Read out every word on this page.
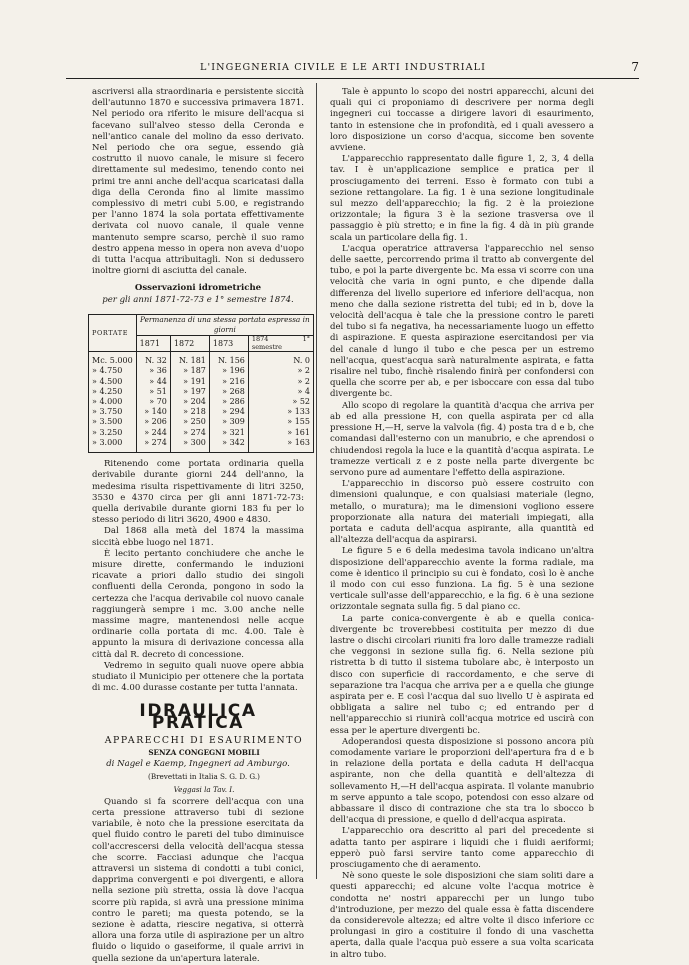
L'INGEGNERIA CIVILE E LE ARTI INDUSTRIALI	7

ascriversi alla straordinaria e persistente siccità dell'autunno 1870 e successiva primavera 1871. Nel periodo ora riferito le misure dell'acqua si facevano sull'alveo stesso della Ceronda e nell'antico canale del molino da esso derivato. Nel periodo che ora segue, essendo già costrutto il nuovo canale, le misure si fecero direttamente sul medesimo, tenendo conto nei primi tre anni anche dell'acqua scaricatasi dalla diga della Ceronda fino al limite massimo complessivo di metri cubi 5.00, e registrando per l'anno 1874 la sola portata effettivamente derivata col nuovo canale, il quale venne mantenuto sempre scarso, perchè il suo ramo destro appena messo in opera non aveva d'uopo di tutta l'acqua attribuitagli. Non si dedussero inoltre giorni di asciutta del canale.

Osservazioni idrometriche

per gli anni 1871-72-73 e 1° semestre 1874.

PORTATE	Permanenza di una stessa portata espressa in giorni			
	1871	1872	1873	1874 1° semestre
Mc. 5.000	N. 32	N. 181	N. 156	N. 0
» 4.750	» 36	» 187	» 196	» 2
» 4.500	» 44	» 191	» 216	» 2
» 4.250	» 51	» 197	» 268	» 4
» 4.000	» 70	» 204	» 286	» 52
» 3.750	» 140	» 218	» 294	» 133
» 3.500	» 206	» 250	» 309	» 155
» 3.250	» 244	» 274	» 321	» 161
» 3.000	» 274	» 300	» 342	» 163

Ritenendo come portata ordinaria quella derivabile durante giorni 244 dell'anno, la medesima risulta rispettivamente di litri 3250, 3530 e 4370 circa per gli anni 1871-72-73: quella derivabile durante giorni 183 fu per lo stesso periodo di litri 3620, 4900 e 4830.

Dal 1868 alla metà del 1874 la massima siccità ebbe luogo nel 1871.

È lecito pertanto conchiudere che anche le misure dirette, confermando le induzioni ricavate a priori dallo studio dei singoli confluenti della Ceronda, pongono in sodo la certezza che l'acqua derivabile col nuovo canale raggiungerà sempre i mc. 3.00 anche nelle massime magre, mantenendosi nelle acque ordinarie colla portata di mc. 4.00. Tale è appunto la misura di derivazione concessa alla città dal R. decreto di concessione.

Vedremo in seguito quali nuove opere abbia studiato il Municipio per ottenere che la portata di mc. 4.00 durasse costante per tutta l'annata.

IDRAULICA PRATICA

APPARECCHI DI ESAURIMENTO

SENZA CONGEGNI MOBILI

di Nagel e Kaemp, Ingegneri ad Amburgo.

(Brevettati in Italia S. G. D. G.)

Veggasi la Tav. I.

Quando si fa scorrere dell'acqua con una certa pressione attraverso tubi di sezione variabile, è noto che la pressione esercitata da quel fluido contro le pareti del tubo diminuisce coll'accrescersi della velocità dell'acqua stessa che scorre. Facciasi adunque che l'acqua attraversi un sistema di condotti a tubi conici, dapprima convergenti e poi divergenti, e allora nella sezione più stretta, ossia là dove l'acqua scorre più rapida, si avrà una pressione minima contro le pareti; ma questa potendo, se la sezione è adatta, riescire negativa, si otterrà allora una forza utile di aspirazione per un altro fluido o liquido o gaseiforme, il quale arrivi in quella sezione da un'apertura laterale.

Tale è appunto lo scopo dei nostri apparecchi, alcuni dei quali qui ci proponiamo di descrivere per norma degli ingegneri cui toccasse a dirigere lavori di esaurimento, tanto in estensione che in profondità, ed i quali avessero a loro disposizione un corso d'acqua, siccome ben sovente avviene.

L'apparecchio rappresentato dalle figure 1, 2, 3, 4 della tav. I è un'applicazione semplice e pratica per il prosciugamento dei terreni. Esso è formato con tubi a sezione rettangolare. La fig. 1 è una sezione longitudinale sul mezzo dell'apparecchio; la fig. 2 è la proiezione orizzontale; la figura 3 è la sezione trasversa ove il passaggio è più stretto; e in fine la fig. 4 dà in più grande scala un particolare della fig. 1.

L'acqua operatrice attraversa l'apparecchio nel senso delle saette, percorrendo prima il tratto ab convergente del tubo, e poi la parte divergente bc. Ma essa vi scorre con una velocità che varia in ogni punto, e che dipende dalla differenza del livello superiore ed inferiore dell'acqua, non meno che dalla sezione ristretta del tubi; ed in b, dove la velocità dell'acqua è tale che la pressione contro le pareti del tubo si fa negativa, ha necessariamente luogo un effetto di aspirazione. E questa aspirazione esercitandosi per via del canale d lungo il tubo e che pesca per un estremo nell'acqua, quest'acqua sarà naturalmente aspirata, e fatta risalire nel tubo, finchè risalendo finirà per confondersi con quella che scorre per ab, e per isboccare con essa dal tubo divergente bc.

Allo scopo di regolare la quantità d'acqua che arriva per ab ed alla pressione H, con quella aspirata per cd alla pressione H,—H, serve la valvola (fig. 4) posta tra d e b, che comandasi dall'esterno con un manubrio, e che aprendosi o chiudendosi regola la luce e la quantità d'acqua aspirata. Le tramezze verticali z e z poste nella parte divergente bc servono pure ad aumentare l'effetto della aspirazione.

L'apparecchio in discorso può essere costruito con dimensioni qualunque, e con qualsiasi materiale (legno, metallo, o muratura); ma le dimensioni vogliono essere proporzionate alla natura dei materiali impiegati, alla portata e caduta dell'acqua aspirante, alla quantità ed all'altezza dell'acqua da aspirarsi.

Le figure 5 e 6 della medesima tavola indicano un'altra disposizione dell'apparecchio avente la forma radiale, ma come è identico il principio su cui è fondato, così lo è anche il modo con cui esso funziona. La fig. 5 è una sezione verticale sull'asse dell'apparecchio, e la fig. 6 è una sezione orizzontale segnata sulla fig. 5 dal piano cc.

La parte conica-convergente è ab e quella conica-divergente bc troverebbesi costituita per mezzo di due lastre o dischi circolari riuniti fra loro dalle tramezze radiali che veggonsi in sezione sulla fig. 6. Nella sezione più ristretta b di tutto il sistema tubolare abc, è interposto un disco con superficie di raccordamento, e che serve di separazione tra l'acqua che arriva per a e quella che giunge aspirata per e. E così l'acqua dal suo livello U è aspirata ed obbligata a salire nel tubo c; ed entrando per d nell'apparecchio si riunirà coll'acqua motrice ed uscirà con essa per le aperture divergenti bc.

Adoperandosi questa disposizione si possono ancora più comodamente variare le proporzioni dell'apertura fra d e b in relazione della portata e della caduta H dell'acqua aspirante, non che della quantità e dell'altezza di sollevamento H,—H dell'acqua aspirata. Il volante manubrio m serve appunto a tale scopo, potendosi con esso alzare od abbassare il disco di contrazione che sta tra lo sbocco b dell'acqua di pressione, e quello d dell'acqua aspirata.

L'apparecchio ora descritto al pari del precedente si adatta tanto per aspirare i liquidi che i fluidi aeriformi; epperò può farsi servire tanto come apparecchio di prosciugamento che di aeramento.

Nè sono queste le sole disposizioni che siam soliti dare a questi apparecchi; ed alcune volte l'acqua motrice è condotta ne' nostri apparecchi per un lungo tubo d'introduzione, per mezzo del quale essa è fatta discendere da considerevole altezza; ed altre volte il disco inferiore cc prolungasi in giro a costituire il fondo di una vaschetta aperta, dalla quale l'acqua può essere a sua volta scaricata in altro tubo.
